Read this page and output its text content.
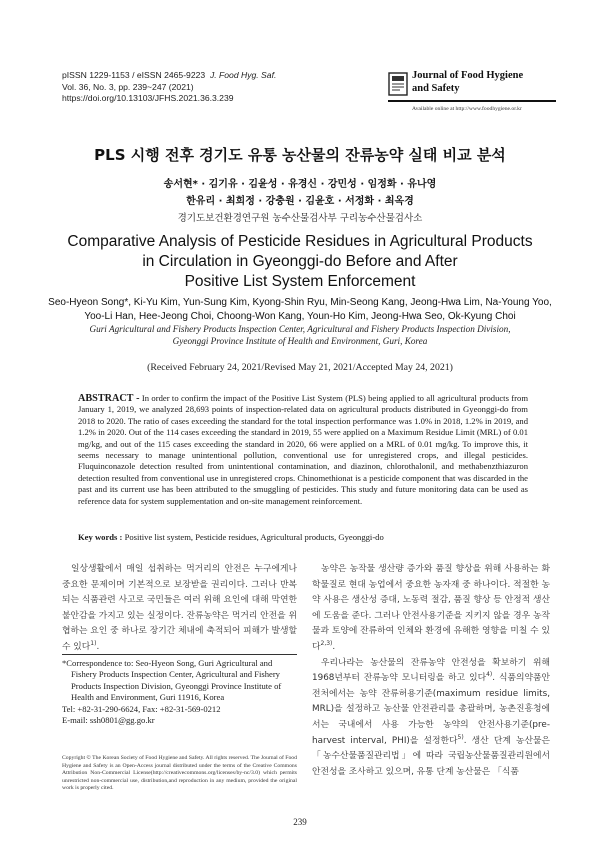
pISSN 1229-1153 / eISSN 2465-9223 J. Food Hyg. Saf.
Vol. 36, No. 3, pp. 239~247 (2021)
https://doi.org/10.13103/JFHS.2021.36.3.239
Journal of Food Hygiene
and Safety
Available online at http://www.foodhygiene.or.kr
PLS 시행 전후 경기도 유통 농산물의 잔류농약 실태 비교 분석
송서현* · 김기유 · 김윤성 · 유경신 · 강민성 · 임정화 · 유나영
한유리 · 최희정 · 강충원 · 김윤호 · 서정화 · 최옥경
경기도보건환경연구원 농수산물검사부 구리농수산물검사소
Comparative Analysis of Pesticide Residues in Agricultural Products
in Circulation in Gyeonggi-do Before and After
Positive List System Enforcement
Seo-Hyeon Song*, Ki-Yu Kim, Yun-Sung Kim, Kyong-Shin Ryu, Min-Seong Kang, Jeong-Hwa Lim, Na-Young Yoo,
Yoo-Li Han, Hee-Jeong Choi, Choong-Won Kang, Youn-Ho Kim, Jeong-Hwa Seo, Ok-Kyung Choi
Guri Agricultural and Fishery Products Inspection Center, Agricultural and Fishery Products Inspection Division,
Gyeonggi Province Institute of Health and Environment, Guri, Korea
(Received February 24, 2021/Revised May 21, 2021/Accepted May 24, 2021)
ABSTRACT - In order to confirm the impact of the Positive List System (PLS) being applied to all agricultural products from January 1, 2019, we analyzed 28,693 points of inspection-related data on agricultural products distributed in Gyeonggi-do from 2018 to 2020. The ratio of cases exceeding the standard for the total inspection performance was 1.0% in 2018, 1.2% in 2019, and 1.2% in 2020. Out of the 114 cases exceeding the standard in 2019, 55 were applied on a Maximum Residue Limit (MRL) of 0.01 mg/kg, and out of the 115 cases exceeding the standard in 2020, 66 were applied on a MRL of 0.01 mg/kg. To improve this, it seems necessary to manage unintentional pollution, conventional use for unregistered crops, and illegal pesticides. Fluquinconazole detection resulted from unintentional contamination, and diazinon, chlorothalonil, and methabenzthiazuron detection resulted from conventional use in unregistered crops. Chinomethionat is a pesticide component that was discarded in the past and its current use has been attributed to the smuggling of pesticides. This study and future monitoring data can be used as reference data for system supplementation and on-site management reinforcement.
Key words : Positive list system, Pesticide residues, Agricultural products, Gyeonggi-do

일상생활에서 매일 섭취하는 먹거리의 안전은 누구에게나 중요한 문제이며 기본적으로 보장받을 권리이다. 그러나 반복되는 식품관련 사고로 국민들은 여러 위해 요인에 대해 막연한 불안감을 가지고 있는 실정이다. 잔류농약은 먹거리 안전을 위협하는 요인 중 하나로 장기간 체내에 축적되어 피해가 발생할 수 있다$^{1)}$.

*Correspondence to: Seo-Hyeon Song, Guri Agricultural and
Fishery Products Inspection Center, Agricultural and Fishery
Products Inspection Division, Gyeonggi Province Institute of
Health and Environment, Guri 11916, Korea
Tel: +82-31-290-6624, Fax: +82-31-569-0212
E-mail: ssh0801@gg.go.kr
Copyright © The Korean Society of Food Hygiene and Safety. All rights reserved. The Journal of Food Hygiene and Safety is an Open-Access journal distributed under the terms of the Creative Commons Attribution Non-Commercial License(http://creativecommons.org/licenses/by-nc/3.0) which permits unrestricted non-commercial use, distribution,and reproduction in any medium, provided the original work is properly cited.

농약은 농작물 생산량 증가와 품질 향상을 위해 사용하는 화학물질로 현대 농업에서 중요한 농자재 중 하나이다. 적절한 농약 사용은 생산성 증대, 노동력 절감, 품질 향상 등 안정적 생산에 도움을 준다. 그러나 안전사용기준을 지키지 않을 경우 농작물과 토양에 잔류하여 인체와 환경에 유해한 영향을 미칠 수 있다$^{2,3)}$.

우리나라는 농산물의 잔류농약 안전성을 확보하기 위해 1968년부터 잔류농약 모니터링을 하고 있다$^{4)}$. 식품의약품안전처에서는 농약 잔류허용기준(maximum residue limits, MRL)을 설정하고 농산물 안전관리를 총괄하며, 농촌진흥청에서는 국내에서 사용 가능한 농약의 안전사용기준(pre-harvest interval, PHI)을 설정한다$^{5)}$. 생산 단계 농산물은 「농수산물품질관리법」에 따라 국립농산물품질관리원에서 안전성을 조사하고 있으며, 유통 단계 농산물은 「식품

239
